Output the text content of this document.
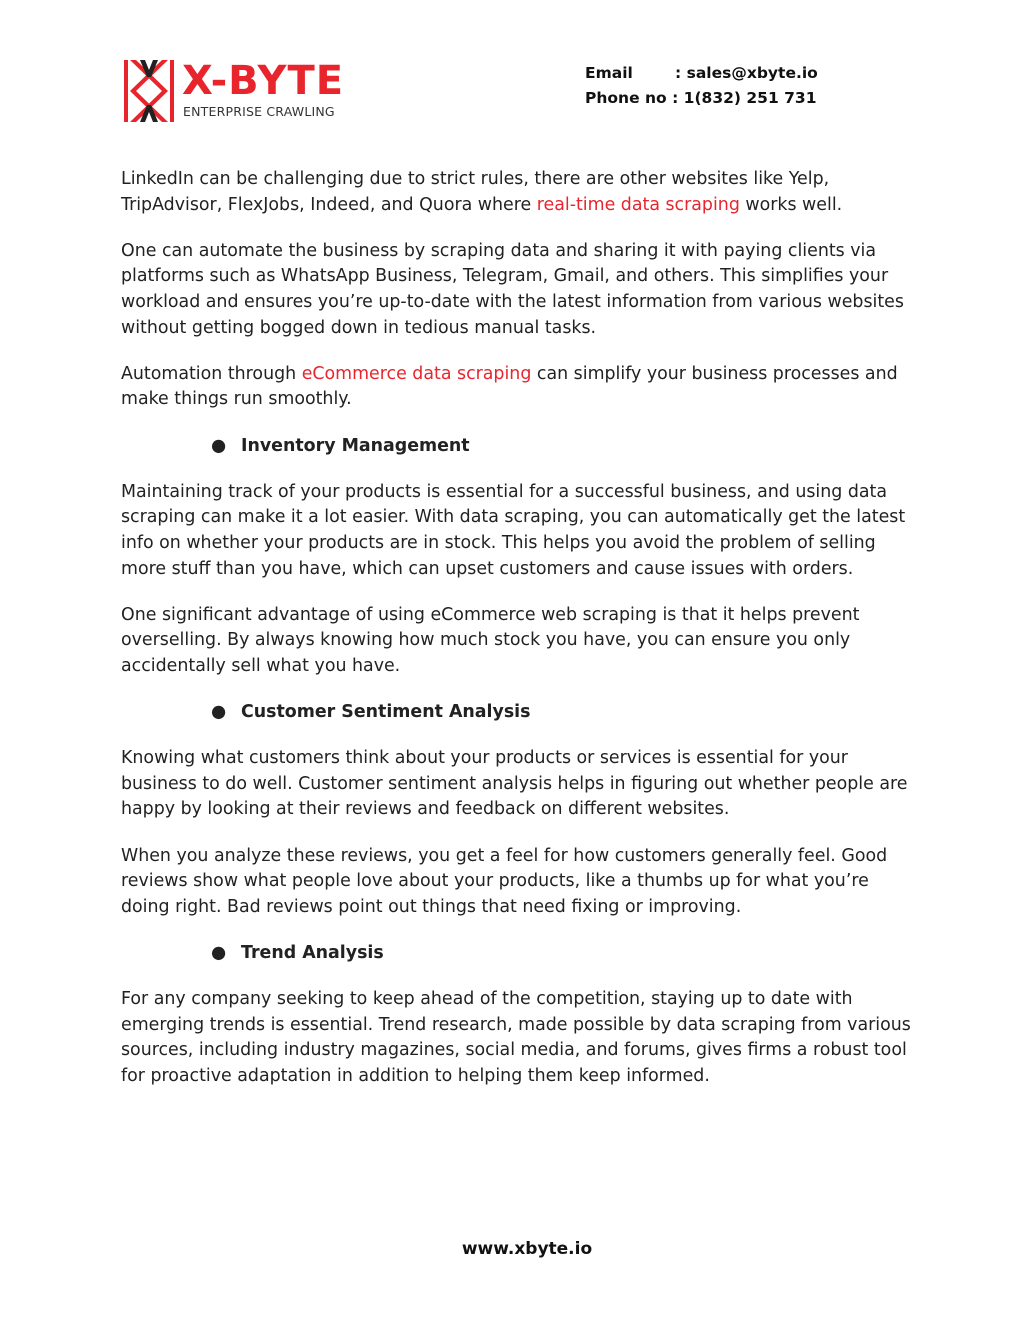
X-BYTE
ENTERPRISE CRAWLING
Email	: sales@xbyte.io
Phone no : 1(832) 251 731

LinkedIn can be challenging due to strict rules, there are other websites like Yelp, TripAdvisor, FlexJobs, Indeed, and Quora where real-time data scraping works well.

One can automate the business by scraping data and sharing it with paying clients via platforms such as WhatsApp Business, Telegram, Gmail, and others. This simplifies your workload and ensures you’re up-to-date with the latest information from various websites without getting bogged down in tedious manual tasks.

Automation through eCommerce data scraping can simplify your business processes and make things run smoothly.

● Inventory Management

Maintaining track of your products is essential for a successful business, and using data scraping can make it a lot easier. With data scraping, you can automatically get the latest info on whether your products are in stock. This helps you avoid the problem of selling more stuff than you have, which can upset customers and cause issues with orders.

One significant advantage of using eCommerce web scraping is that it helps prevent overselling. By always knowing how much stock you have, you can ensure you only accidentally sell what you have.

● Customer Sentiment Analysis

Knowing what customers think about your products or services is essential for your business to do well. Customer sentiment analysis helps in figuring out whether people are happy by looking at their reviews and feedback on different websites.

When you analyze these reviews, you get a feel for how customers generally feel. Good reviews show what people love about your products, like a thumbs up for what you’re doing right. Bad reviews point out things that need fixing or improving.

● Trend Analysis

For any company seeking to keep ahead of the competition, staying up to date with emerging trends is essential. Trend research, made possible by data scraping from various sources, including industry magazines, social media, and forums, gives firms a robust tool for proactive adaptation in addition to helping them keep informed.

www.xbyte.io
